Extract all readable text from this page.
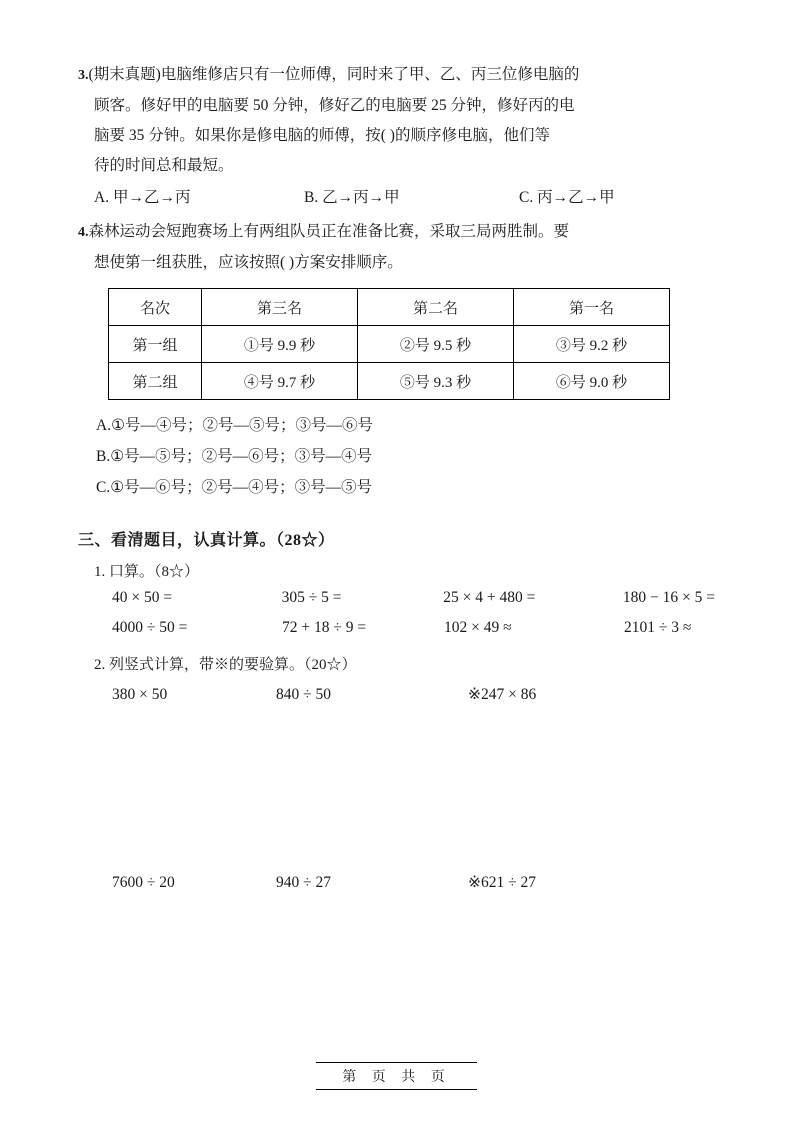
3.(期末真题)电脑维修店只有一位师傅，同时来了甲、乙、丙三位修电脑的
顾客。修好甲的电脑要 50 分钟，修好乙的电脑要 25 分钟，修好丙的电
脑要 35 分钟。如果你是修电脑的师傅，按( )的顺序修电脑，他们等
待的时间总和最短。
A. 甲→乙→丙	B. 乙→丙→甲	C. 丙→乙→甲
4.森林运动会短跑赛场上有两组队员正在准备比赛，采取三局两胜制。要
想使第一组获胜，应该按照( )方案安排顺序。
名次	第三名	第二名	第一名
第一组	①号 9.9 秒	②号 9.5 秒	③号 9.2 秒
第二组	④号 9.7 秒	⑤号 9.3 秒	⑥号 9.0 秒
A.①号—④号；②号—⑤号；③号—⑥号
B.①号—⑤号；②号—⑥号；③号—④号
C.①号—⑥号；②号—④号；③号—⑤号
三、看清题目，认真计算。（28☆）
1. 口算。（8☆）
40 × 50 =	305 ÷ 5 =	25 × 4 + 480 =	180 − 16 × 5 =
4000 ÷ 50 =	72 + 18 ÷ 9 =	102 × 49 ≈	2101 ÷ 3 ≈
2. 列竖式计算，带※的要验算。（20☆）
380 × 50	840 ÷ 50	※247 × 86
7600 ÷ 20	940 ÷ 27	※621 ÷ 27
第 页 共 页
